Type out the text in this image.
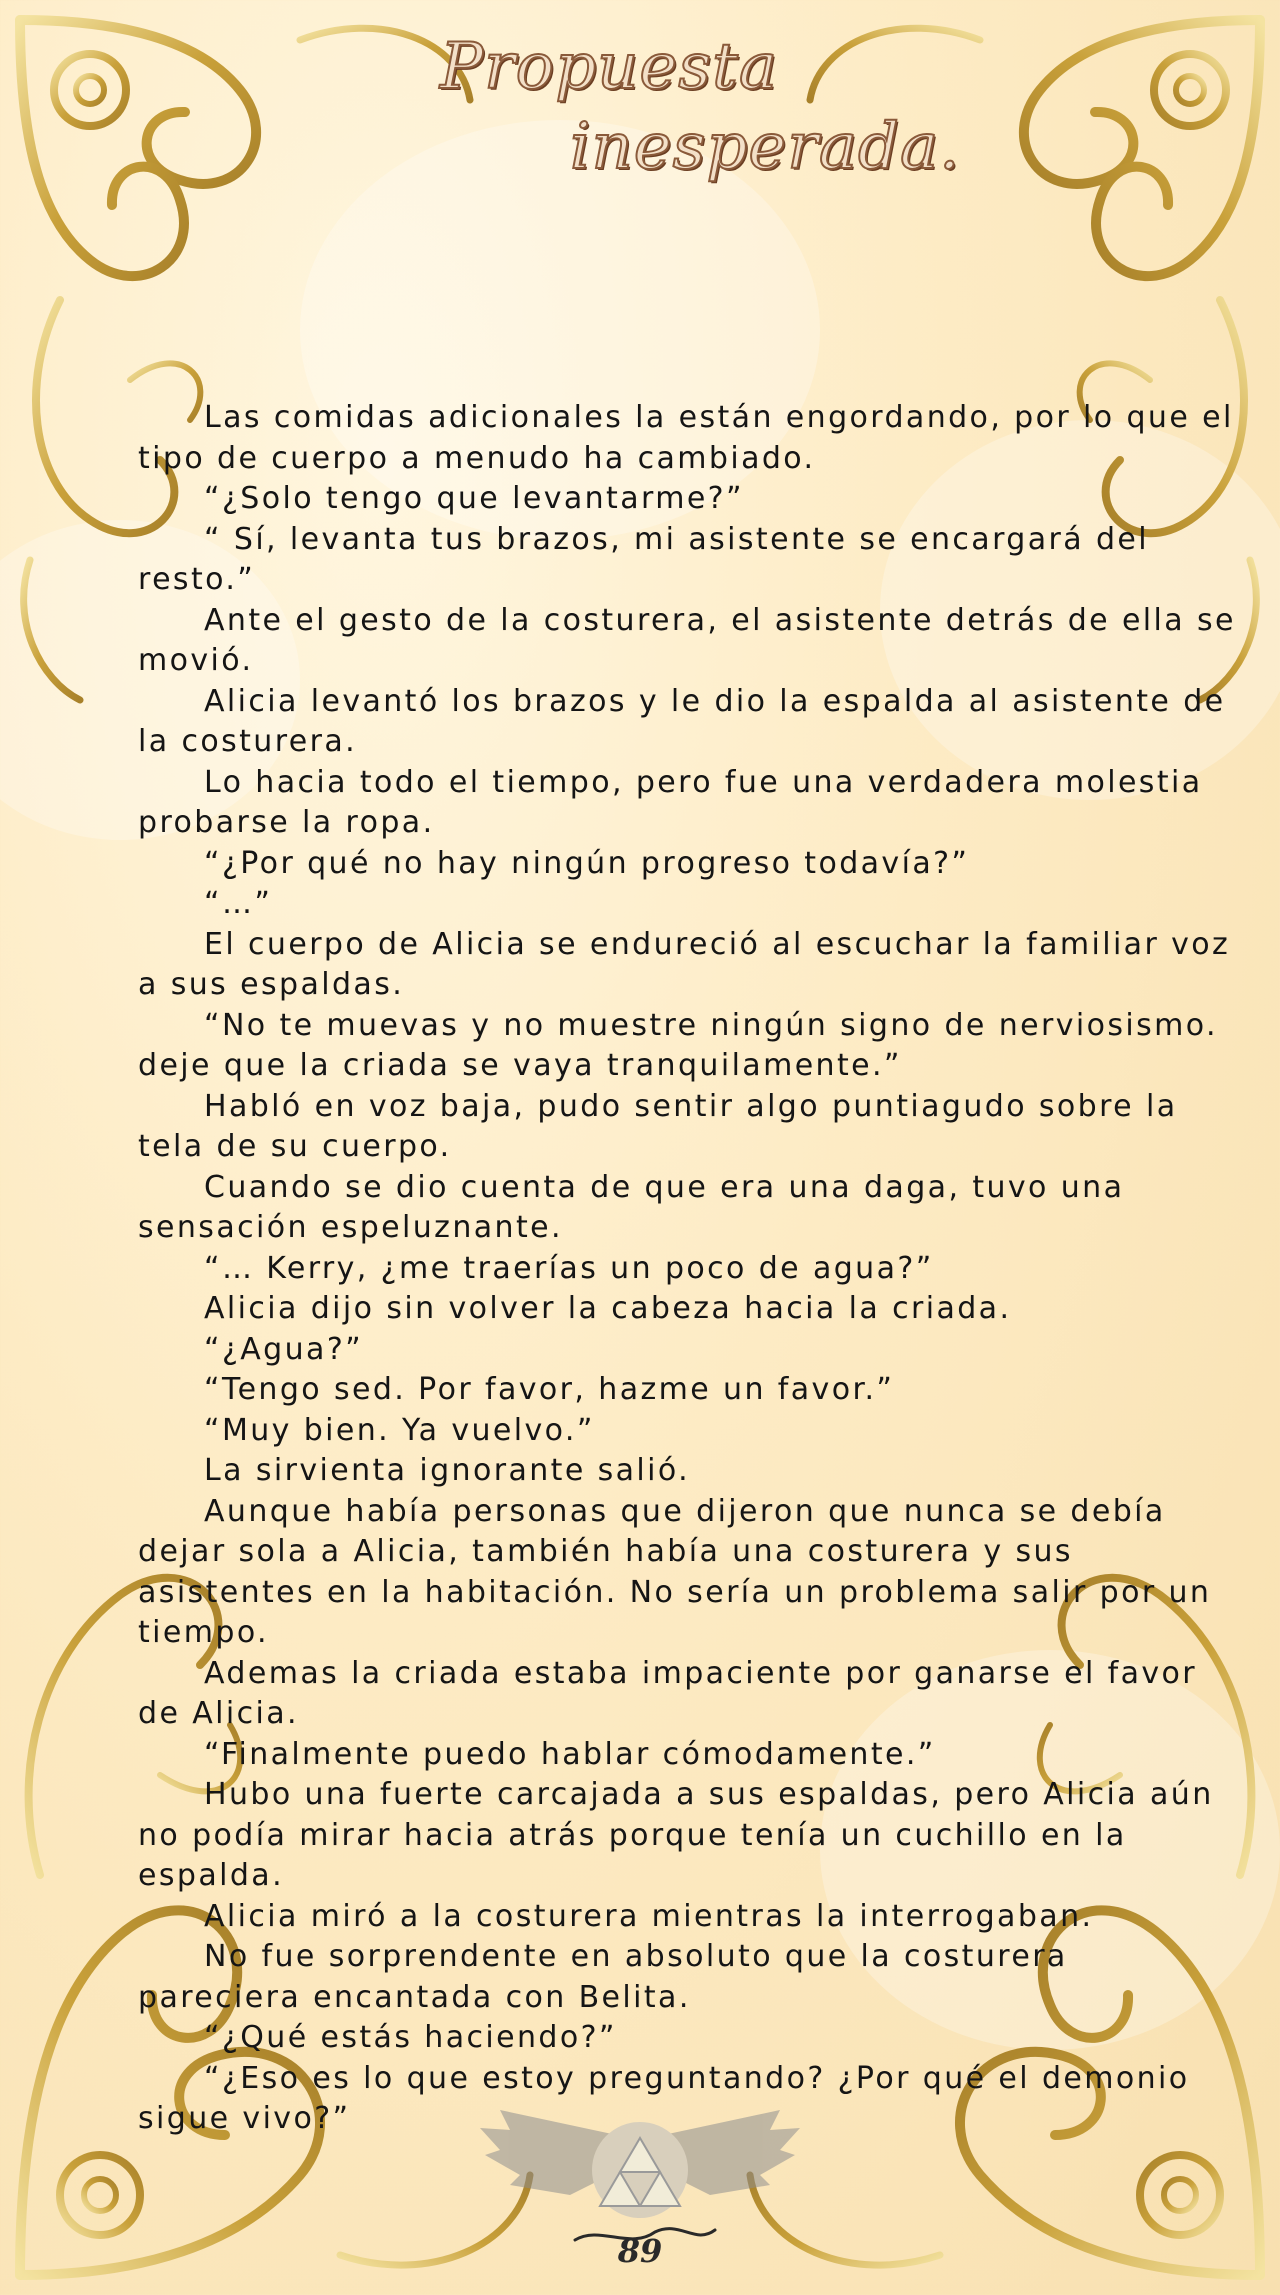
Propuesta
inesperada.

Las comidas adicionales la están engordando, por lo que el tipo de cuerpo a menudo ha cambiado.

“¿Solo tengo que levantarme?”

“ Sí, levanta tus brazos, mi asistente se encargará del resto.”

Ante el gesto de la costurera, el asistente detrás de ella se movió.

Alicia levantó los brazos y le dio la espalda al asistente de la costurera.

Lo hacia todo el tiempo, pero fue una verdadera molestia probarse la ropa.

“¿Por qué no hay ningún progreso todavía?”

“…”

El cuerpo de Alicia se endureció al escuchar la familiar voz a sus espaldas.

“No te muevas y no muestre ningún signo de nerviosismo. deje que la criada se vaya tranquilamente.”

Habló en voz baja, pudo sentir algo puntiagudo sobre la tela de su cuerpo.

Cuando se dio cuenta de que era una daga, tuvo una sensación espeluznante.

“… Kerry, ¿me traerías un poco de agua?”

Alicia dijo sin volver la cabeza hacia la criada.

“¿Agua?”

“Tengo sed. Por favor, hazme un favor.”

“Muy bien. Ya vuelvo.”

La sirvienta ignorante salió.

Aunque había personas que dijeron que nunca se debía dejar sola a Alicia, también había una costurera y sus asistentes en la habitación. No sería un problema salir por un tiempo.

Ademas la criada estaba impaciente por ganarse el favor de Alicia.

“Finalmente puedo hablar cómodamente.”

Hubo una fuerte carcajada a sus espaldas, pero Alicia aún no podía mirar hacia atrás porque tenía un cuchillo en la espalda.

Alicia miró a la costurera mientras la interrogaban.

No fue sorprendente en absoluto que la costurera pareciera encantada con Belita.

“¿Qué estás haciendo?”

“¿Eso es lo que estoy preguntando? ¿Por qué el demonio sigue vivo?”

89
